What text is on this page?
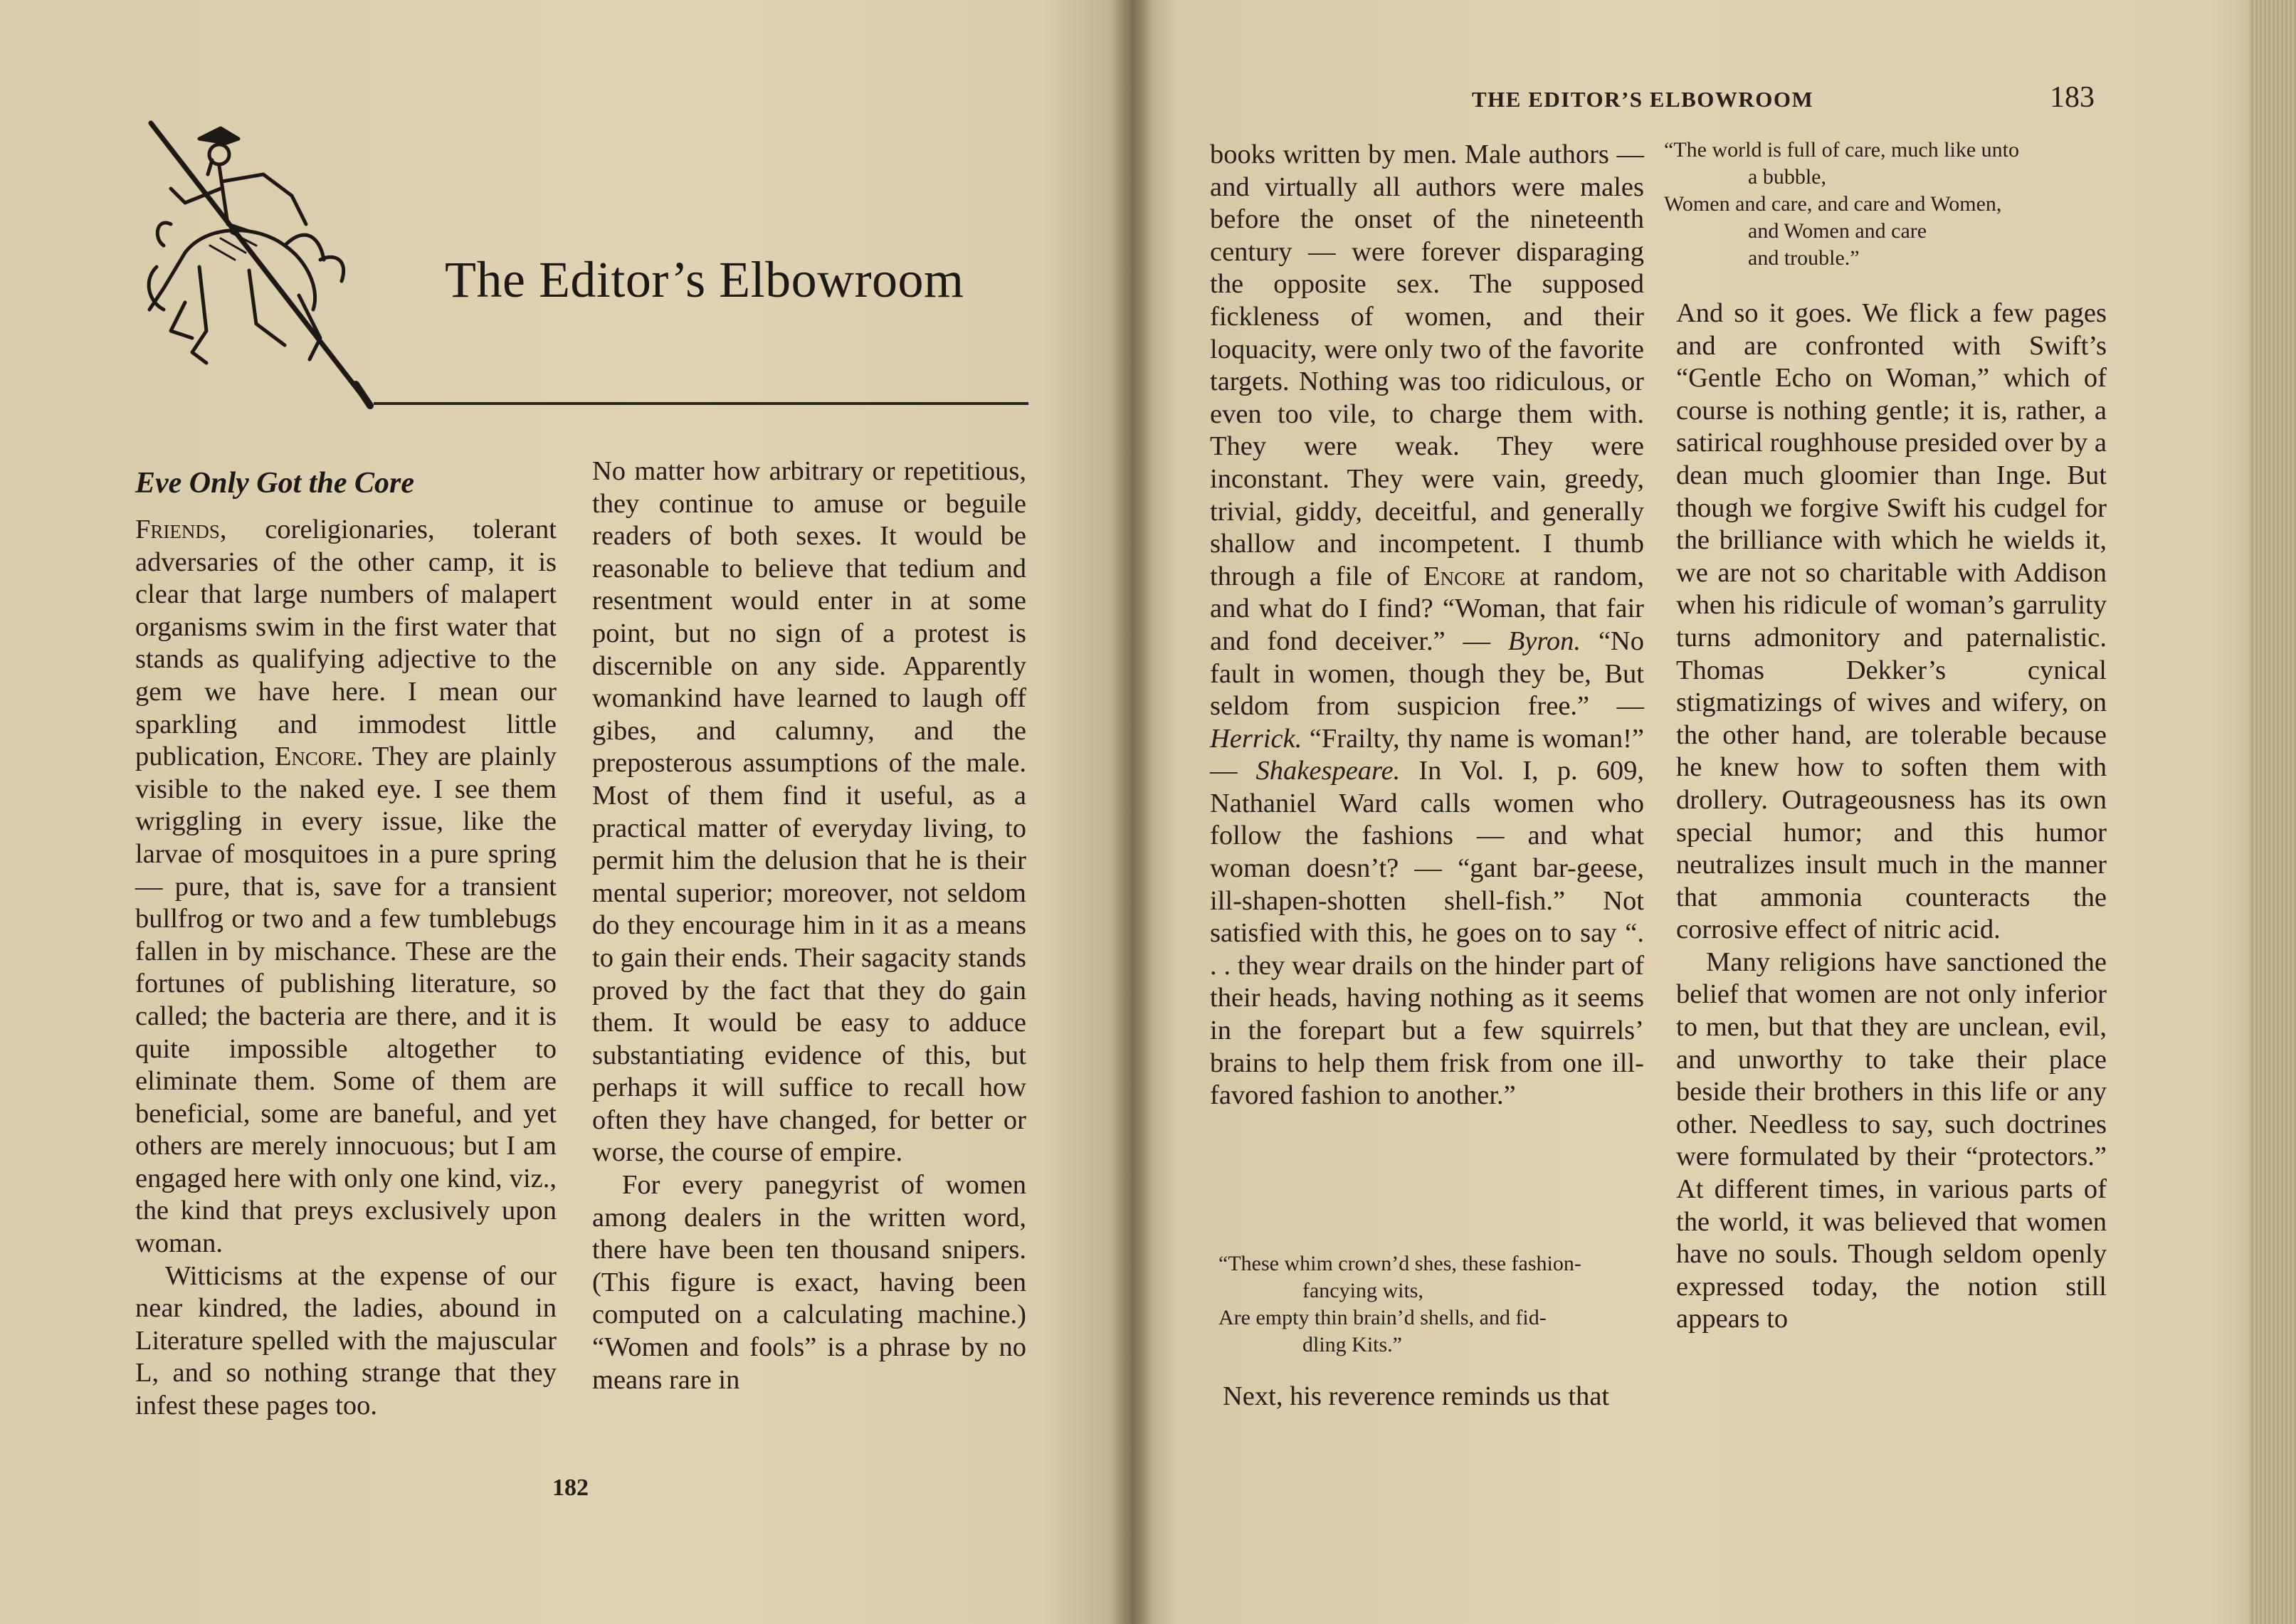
The Editor’s Elbowroom
Eve Only Got the Core

Friends, coreligionaries, tolerant adversaries of the other camp, it is clear that large numbers of malapert organisms swim in the first water that stands as qualifying adjective to the gem we have here. I mean our sparkling and immodest little publication, Encore. They are plainly visible to the naked eye. I see them wriggling in every issue, like the larvae of mosquitoes in a pure spring — pure, that is, save for a transient bullfrog or two and a few tumblebugs fallen in by mischance. These are the fortunes of publishing literature, so called; the bacteria are there, and it is quite impossible altogether to eliminate them. Some of them are beneficial, some are baneful, and yet others are merely innocuous; but I am engaged here with only one kind, viz., the kind that preys exclusively upon woman.

Witticisms at the expense of our near kindred, the ladies, abound in Literature spelled with the majuscular L, and so nothing strange that they infest these pages too.

No matter how arbitrary or repetitious, they continue to amuse or beguile readers of both sexes. It would be reasonable to believe that tedium and resentment would enter in at some point, but no sign of a protest is discernible on any side. Apparently womankind have learned to laugh off gibes, and calumny, and the preposterous assumptions of the male. Most of them find it useful, as a practical matter of everyday living, to permit him the delusion that he is their mental superior; moreover, not seldom do they encourage him in it as a means to gain their ends. Their sagacity stands proved by the fact that they do gain them. It would be easy to adduce substantiating evidence of this, but perhaps it will suffice to recall how often they have changed, for better or worse, the course of empire.

For every panegyrist of women among dealers in the written word, there have been ten thousand snipers. (This figure is exact, having been computed on a calculating machine.) “Women and fools” is a phrase by no means rare in

182
THE EDITOR’S ELBOWROOM	183

books written by men. Male authors — and virtually all authors were males before the onset of the nineteenth century — were forever disparaging the opposite sex. The supposed fickleness of women, and their loquacity, were only two of the favorite targets. Nothing was too ridiculous, or even too vile, to charge them with. They were weak. They were inconstant. They were vain, greedy, trivial, giddy, deceitful, and generally shallow and incompetent. I thumb through a file of Encore at random, and what do I find? “Woman, that fair and fond deceiver.” — Byron. “No fault in women, though they be, But seldom from suspicion free.” — Herrick. “Frailty, thy name is woman!” — Shakespeare. In Vol. I, p. 609, Nathaniel Ward calls women who follow the fashions — and what woman doesn’t? — “gant bar-geese, ill-shapen-shotten shell-fish.” Not satisfied with this, he goes on to say “. . . they wear drails on the hinder part of their heads, having nothing as it seems in the forepart but a few squirrels’ brains to help them frisk from one ill-favored fashion to another.”

“These whim crown’d shes, these fashion-
fancying wits,

Are empty thin brain’d shells, and fid-
dling Kits.”

Next, his reverence reminds us that

“The world is full of care, much like unto
a bubble,

Women and care, and care and Women,
and Women and care
and trouble.”

And so it goes. We flick a few pages and are confronted with Swift’s “Gentle Echo on Woman,” which of course is nothing gentle; it is, rather, a satirical roughhouse presided over by a dean much gloomier than Inge. But though we forgive Swift his cudgel for the brilliance with which he wields it, we are not so charitable with Addison when his ridicule of woman’s garrulity turns admonitory and paternalistic. Thomas Dekker’s cynical stigmatizings of wives and wifery, on the other hand, are tolerable because he knew how to soften them with drollery. Outrageousness has its own special humor; and this humor neutralizes insult much in the manner that ammonia counteracts the corrosive effect of nitric acid.

Many religions have sanctioned the belief that women are not only inferior to men, but that they are unclean, evil, and unworthy to take their place beside their brothers in this life or any other. Needless to say, such doctrines were formulated by their “protectors.” At different times, in various parts of the world, it was believed that women have no souls. Though seldom openly expressed today, the notion still appears to
